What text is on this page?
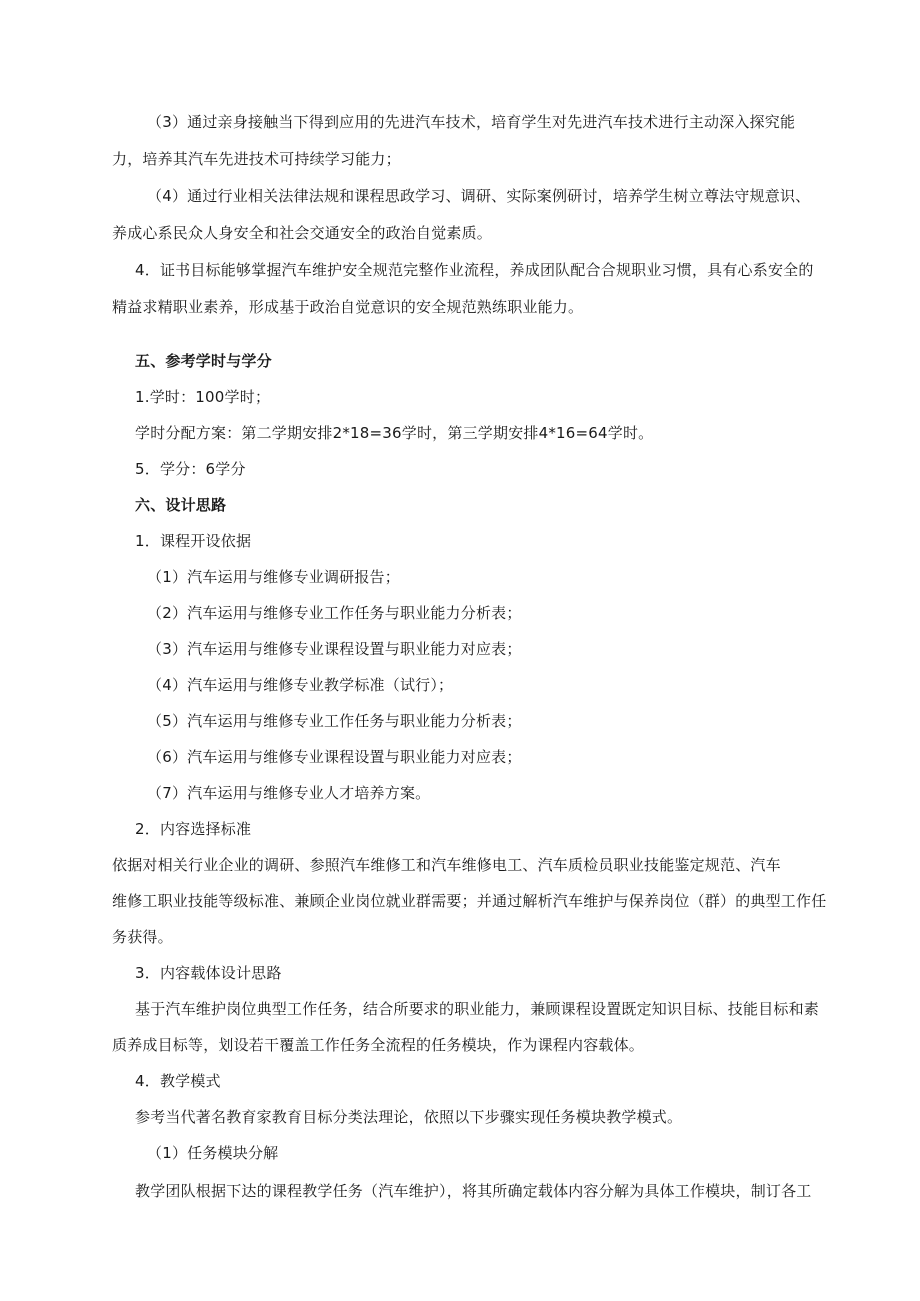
（3）通过亲身接触当下得到应用的先进汽车技术，培育学生对先进汽车技术进行主动深入探究能
力，培养其汽车先进技术可持续学习能力；
（4）通过行业相关法律法规和课程思政学习、调研、实际案例研讨，培养学生树立尊法守规意识、
养成心系民众人身安全和社会交通安全的政治自觉素质。
4．证书目标能够掌握汽车维护安全规范完整作业流程，养成团队配合合规职业习惯，具有心系安全的
精益求精职业素养，形成基于政治自觉意识的安全规范熟练职业能力。
五、参考学时与学分
1.学时：100学时；
学时分配方案：第二学期安排2*18=36学时，第三学期安排4*16=64学时。
5．学分：6学分
六、设计思路
1．课程开设依据
（1）汽车运用与维修专业调研报告；
（2）汽车运用与维修专业工作任务与职业能力分析表；
（3）汽车运用与维修专业课程设置与职业能力对应表；
（4）汽车运用与维修专业教学标准（试行）；
（5）汽车运用与维修专业工作任务与职业能力分析表；
（6）汽车运用与维修专业课程设置与职业能力对应表；
（7）汽车运用与维修专业人才培养方案。
2．内容选择标准
依据对相关行业企业的调研、参照汽车维修工和汽车维修电工、汽车质检员职业技能鉴定规范、汽车
维修工职业技能等级标准、兼顾企业岗位就业群需要；并通过解析汽车维护与保养岗位（群）的典型工作任
务获得。
3．内容载体设计思路
基于汽车维护岗位典型工作任务，结合所要求的职业能力，兼顾课程设置既定知识目标、技能目标和素
质养成目标等，划设若干覆盖工作任务全流程的任务模块，作为课程内容载体。
4．教学模式
参考当代著名教育家教育目标分类法理论，依照以下步骤实现任务模块教学模式。
（1）任务模块分解
教学团队根据下达的课程教学任务（汽车维护），将其所确定载体内容分解为具体工作模块，制订各工
